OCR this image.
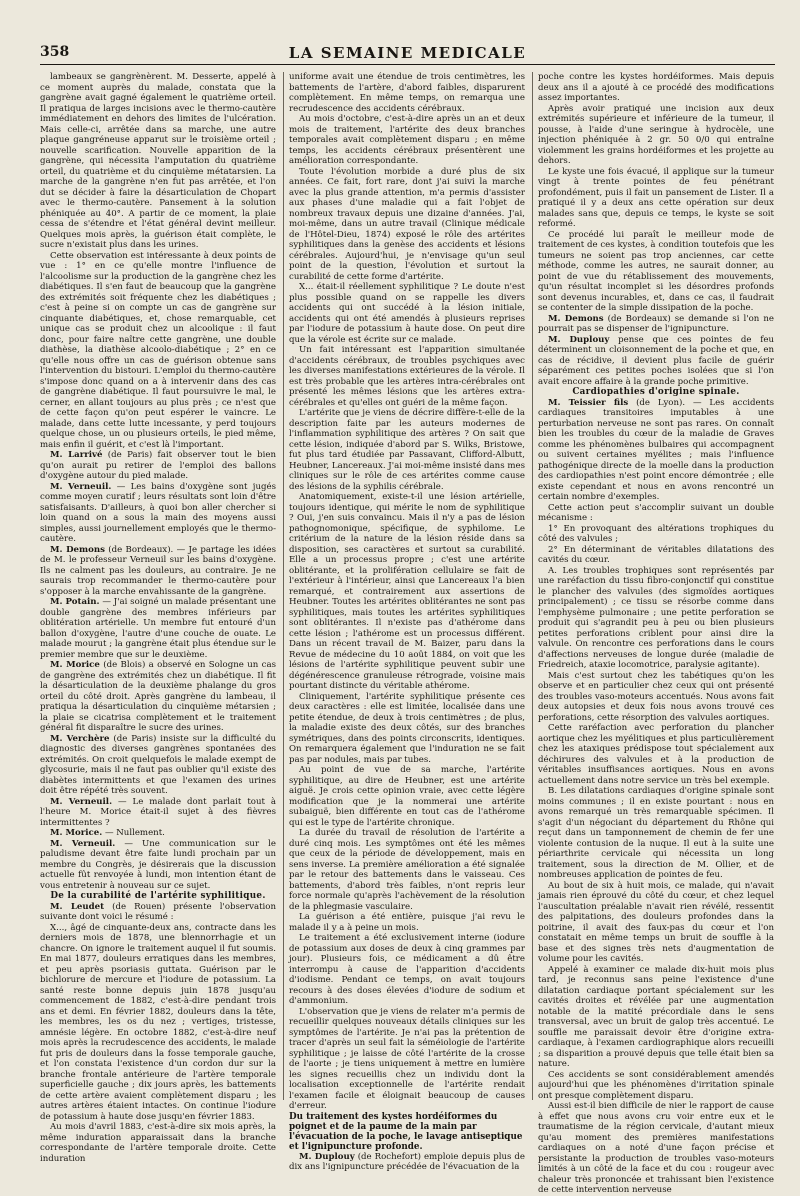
358	LA SEMAINE MEDICALE

lambeaux se gangrènèrent. M. Desserte, appelé à ce moment auprès du malade, constata que la gangrène avait gagné également le quatrième orteil. Il pratiqua de larges incisions avec le thermo-cautère immédiatement en dehors des limites de l'ulcération. Mais celle-ci, arrêtée dans sa marche, une autre plaque gangréneuse apparut sur le troisième orteil ; nouvelle scarification. Nouvelle apparition de la gangrène, qui nécessita l'amputation du quatrième orteil, du quatrième et du cinquième métatarsien. La marche de la gangrène n'en fut pas arrêtée, et l'on dut se décider à faire la désarticulation de Chopart avec le thermo-cautère. Pansement à la solution phéniquée au 40°. A partir de ce moment, la plaie cessa de s'étendre et l'état général devint meilleur. Quelques mois après, la guérison était complète, le sucre n'existait plus dans les urines.

Cette observation est intéressante à deux points de vue : 1° en ce qu'elle montre l'influence de l'alcoolisme sur la production de la gangrène chez les diabétiques. Il s'en faut de beaucoup que la gangrène des extrémités soit fréquente chez les diabétiques ; c'est à peine si on compte un cas de gangrène sur cinquante diabétiques, et, chose remarquable, cet unique cas se produit chez un alcoolique : il faut donc, pour faire naître cette gangrène, une double diathèse, la diathèse alcoolo-diabétique ; 2° en ce qu'elle nous offre un cas de guérison obtenue sans l'intervention du bistouri. L'emploi du thermo-cautère s'impose donc quand on a à intervenir dans des cas de gangrène diabétique. Il faut poursuivre le mal, le cerner, en allant toujours au plus près ; ce n'est que de cette façon qu'on peut espérer le vaincre. Le malade, dans cette lutte incessante, y perd toujours quelque chose, un ou plusieurs orteils, le pied même, mais enfin il guérit, et c'est là l'important.

M. Larrivé (de Paris) fait observer tout le bien qu'on aurait pu retirer de l'emploi des ballons d'oxygène autour du pied malade.

M. Verneuil. — Les bains d'oxygène sont jugés comme moyen curatif ; leurs résultats sont loin d'être satisfaisants. D'ailleurs, à quoi bon aller chercher si loin quand on a sous la main des moyens aussi simples, aussi journellement employés que le thermo-cautère.

M. Demons (de Bordeaux). — Je partage les idées de M. le professeur Verneuil sur les bains d'oxygène. Ils ne calment pas les douleurs, au contraire. Je ne saurais trop recommander le thermo-cautère pour s'opposer à la marche envahissante de la gangrène.

M. Potain. — J'ai soigné un malade présentant une double gangrène des membres inférieurs par oblitération artérielle. Un membre fut entouré d'un ballon d'oxygène, l'autre d'une couche de ouate. Le malade mourut ; la gangrène était plus étendue sur le premier membre que sur le deuxième.

M. Morice (de Blois) a observé en Sologne un cas de gangrène des extrémités chez un diabétique. Il fit la désarticulation de la deuxième phalange du gros orteil du côté droit. Après gangrène du lambeau, il pratiqua la désarticulation du cinquième métarsien ; la plaie se cicatrisa complètement et le traitement général fit disparaître le sucre des urines.

M. Verchère (de Paris) insiste sur la difficulté du diagnostic des diverses gangrènes spontanées des extrémités. On croit quelquefois le malade exempt de glycosurie, mais il ne faut pas oublier qu'il existe des diabètes intermittents et que l'examen des urines doit être répété très souvent.

M. Verneuil. — Le malade dont parlait tout à l'heure M. Morice était-il sujet à des fièvres intermittentes ?

M. Morice. — Nullement.

M. Verneuil. — Une communication sur le paludisme devant être faite lundi prochain par un membre du Congrès, je désirerais que la discussion actuelle fût renvoyée à lundi, mon intention étant de vous entretenir à nouveau sur ce sujet.

De la curabilité de l'artérite syphilitique.

M. Leudet (de Rouen) présente l'observation suivante dont voici le résumé :

X..., âgé de cinquante-deux ans, contracte dans les derniers mois de 1878, une blennorrhagie et un chancre. On ignore le traitement auquel il fut soumis. En mai 1877, douleurs erratiques dans les membres, et peu après psoriasis guttata. Guérison par le bichlorure de mercure et l'iodure de potassium. La santé reste bonne depuis juin 1878 jusqu'au commencement de 1882, c'est-à-dire pendant trois ans et demi. En février 1882, douleurs dans la tête, les membres, les os du nez ; vertiges, tristesse, amnésie légère. En octobre 1882, c'est-à-dire neuf mois après la recrudescence des accidents, le malade fut pris de douleurs dans la fosse temporale gauche, et l'on constata l'existence d'un cordon dur sur la branche frontale antérieure de l'artère temporale superficielle gauche ; dix jours après, les battements de cette artère avaient complètement disparu ; les autres artères étaient intactes. On continue l'iodure de potassium à haute dose jusqu'en février 1883.

Au mois d'avril 1883, c'est-à-dire six mois après, la même induration apparaissait dans la branche correspondante de l'artère temporale droite. Cette induration

uniforme avait une étendue de trois centimètres, les battements de l'artère, d'abord faibles, disparurent complètement. En même temps, on remarqua une recrudescence des accidents cérébraux.

Au mois d'octobre, c'est-à-dire après un an et deux mois de traitement, l'artérite des deux branches temporales avait complètement disparu ; en même temps, les accidents cérébraux présentèrent une amélioration correspondante.

Toute l'évolution morbide a duré plus de six années. Ce fait, fort rare, dont j'ai suivi la marche avec la plus grande attention, m'a permis d'assister aux phases d'une maladie qui a fait l'objet de nombreux travaux depuis une dizaine d'années. J'ai, moi-même, dans un autre travail (Clinique médicale de l'Hôtel-Dieu, 1874) exposé le rôle des artérites syphilitiques dans la genèse des accidents et lésions cérébrales. Aujourd'hui, je n'envisage qu'un seul point de la question, l'évolution et surtout la curabilité de cette forme d'artérite.

X... était-il réellement syphilitique ? Le doute n'est plus possible quand on se rappelle les divers accidents qui ont succédé à la lésion initiale, accidents qui ont été amendés à plusieurs reprises par l'iodure de potassium à haute dose. On peut dire que la vérole est écrite sur ce malade.

Un fait intéressant est l'apparition simultanée d'accidents cérébraux, de troubles psychiques avec les diverses manifestations extérieures de la vérole. Il est très probable que les artères intra-cérébrales ont présenté les mêmes lésions que les artères extra-cérébrales et qu'elles ont guéri de la même façon.

L'artérite que je viens de décrire diffère-t-elle de la description faite par les auteurs modernes de l'inflammation syphilitique des artères ? On sait que cette lésion, indiquée d'abord par S. Wilks, Bristowe, fut plus tard étudiée par Passavant, Clifford-Albutt, Heubner, Lancereaux. J'ai moi-même insisté dans mes cliniques sur le rôle de ces artérites comme cause des lésions de la syphilis cérébrale.

Anatomiquement, existe-t-il une lésion artérielle, toujours identique, qui mérite le nom de syphilitique ? Oui, j'en suis convaincu. Mais il n'y a pas de lésion pathognomonique, spécifique, de syphilome. Le critérium de la nature de la lésion réside dans sa disposition, ses caractères et surtout sa curabilité. Elle a un processus propre ; c'est une artérite oblitérante, et la prolifération cellulaire se fait de l'extérieur à l'intérieur, ainsi que Lancereaux l'a bien remarqué, et contrairement aux assertions de Heubner. Toutes les artérites oblitérantes ne sont pas syphilitiques, mais toutes les artérites syphilitiques sont oblitérantes. Il n'existe pas d'athérome dans cette lésion ; l'athérome est un processus différent. Dans un récent travail de M. Baizer, paru dans la Revue de médecine du 10 août 1884, on voit que les lésions de l'artérite syphilitique peuvent subir une dégénérescence granuleuse rétrograde, voisine mais pourtant distincte du véritable athérome.

Cliniquement, l'artérite syphilitique présente ces deux caractères : elle est limitée, localisée dans une petite étendue, de deux à trois centimètres ; de plus, la maladie existe des deux côtés, sur des branches symétriques, dans des points circonscrits, identiques. On remarquera également que l'induration ne se fait pas par nodules, mais par tubes.

Au point de vue de sa marche, l'artérite syphilitique, au dire de Heubner, est une artérite aiguë. Je crois cette opinion vraie, avec cette légère modification que je la nommerai une artérite subaiguë, bien différente en tout cas de l'athérome qui est le type de l'artérite chronique.

La durée du travail de résolution de l'artérite a duré cinq mois. Les symptômes ont été les mêmes que ceux de la période de développement, mais en sens inverse. La première amélioration a été signalée par le retour des battements dans le vaisseau. Ces battements, d'abord très faibles, n'ont repris leur force normale qu'après l'achèvement de la résolution de la phlegmasie vasculaire.

La guérison a été entière, puisque j'ai revu le malade il y a à peine un mois.

Le traitement a été exclusivement interne (iodure de potassium aux doses de deux à cinq grammes par jour). Plusieurs fois, ce médicament a dû être interrompu à cause de l'apparition d'accidents d'iodisme. Pendant ce temps, on avait toujours recours à des doses élevées d'iodure de sodium et d'ammonium.

L'observation que je viens de relater m'a permis de recueillir quelques nouveaux détails cliniques sur les symptômes de l'artérite. Je n'ai pas la prétention de tracer d'après un seul fait la séméiologie de l'artérite syphilitique ; je laisse de côté l'artérite de la crosse de l'aorte ; je tiens uniquement à mettre en lumière les signes recueillis chez un individu dont la localisation exceptionnelle de l'artérite rendait l'examen facile et éloignait beaucoup de causes d'erreur.

Du traitement des kystes hordéiformes du poignet et de la paume de la main par l'évacuation de la poche, le lavage antiseptique et l'ignipuncture profonde.

M. Duplouy (de Rochefort) emploie depuis plus de dix ans l'ignipuncture précédée de l'évacuation de la

poche contre les kystes hordéiformes. Mais depuis deux ans il a ajouté à ce procédé des modifications assez importantes.

Après avoir pratiqué une incision aux deux extrémités supérieure et inférieure de la tumeur, il pousse, à l'aide d'une seringue à hydrocèle, une injection phéniquée à 2 gr. 50 0/0 qui entraîne violemment les grains hordéiformes et les projette au dehors.

Le kyste une fois évacué, il applique sur la tumeur vingt à trente pointes de feu pénétrant profondément, puis il fait un pansement de Lister. Il a pratiqué il y a deux ans cette opération sur deux malades sans que, depuis ce temps, le kyste se soit reformé.

Ce procédé lui paraît le meilleur mode de traitement de ces kystes, à condition toutefois que les tumeurs ne soient pas trop anciennes, car cette méthode, comme les autres, ne saurait donner, au point de vue du rétablissement des mouvements, qu'un résultat incomplet si les désordres profonds sont devenus incurables, et, dans ce cas, il faudrait se contenter de la simple dissipation de la poche.

M. Demons (de Bordeaux) se demande si l'on ne pourrait pas se dispenser de l'ignipuncture.

M. Duplouy pense que ces pointes de feu déterminent un cloisonnement de la poche et que, en cas de récidive, il devient plus facile de guérir séparément ces petites poches isolées que si l'on avait encore affaire à la grande poche primitive.

Cardiopathies d'origine spinale.

M. Teissier fils (de Lyon). — Les accidents cardiaques transitoires imputables à une perturbation nerveuse ne sont pas rares. On connaît bien les troubles du cœur de la maladie de Graves comme les phénomènes bulbaires qui accompagnent ou suivent certaines myélites ; mais l'influence pathogénique directe de la moelle dans la production des cardiopathies n'est point encore démontrée ; elle existe cependant et nous en avons rencontré un certain nombre d'exemples.

Cette action peut s'accomplir suivant un double mécanisme :

1° En provoquant des altérations trophiques du côté des valvules ;

2° En déterminant de véritables dilatations des cavités du cœur.

A. Les troubles trophiques sont représentés par une raréfaction du tissu fibro-conjonctif qui constitue le plancher des valvules (des sigmoïdes aortiques principalement) ; ce tissu se résorbe comme dans l'emphysème pulmonaire ; une petite perforation se produit qui s'agrandit peu à peu ou bien plusieurs petites perforations criblent pour ainsi dire la valvule. On rencontre ces perforations dans le cours d'affections nerveuses de longue durée (maladie de Friedreich, ataxie locomotrice, paralysie agitante).

Mais c'est surtout chez les tabétiques qu'on les observe et en particulier chez ceux qui ont présenté des troubles vaso-moteurs accentués. Nous avons fait deux autopsies et deux fois nous avons trouvé ces perforations, cette résorption des valvules aortiques.

Cette raréfaction avec perforation du plancher aortique chez les myélitiques et plus particulièrement chez les ataxiques prédispose tout spécialement aux déchirures des valvules et à la production de véritables insuffisances aortiques. Nous en avons actuellement dans notre service un très bel exemple.

B. Les dilatations cardiaques d'origine spinale sont moins communes ; il en existe pourtant : nous en avons remarqué un très remarquable spécimen. Il s'agit d'un négociant du département du Rhône qui reçut dans un tamponnement de chemin de fer une violente contusion de la nuque. Il eut à la suite une périarthrite cervicale qui nécessita un long traitement, sous la direction de M. Ollier, et de nombreuses application de pointes de feu.

Au bout de six à huit mois, ce malade, qui n'avait jamais rien éprouvé du côté du cœur, et chez lequel l'auscultation préalable n'avait rien révélé, ressentit des palpitations, des douleurs profondes dans la poitrine, il avait des faux-pas du cœur et l'on constatait en même temps un bruit de souffle à la base et des signes très nets d'augmentation de volume pour les cavités.

Appelé à examiner ce malade dix-huit mois plus tard, je reconnus sans peine l'existence d'une dilatation cardiaque portant spécialement sur les cavités droites et révélée par une augmentation notable de la matité précordiale dans le sens transversal, avec un bruit de galop très accentué. Le souffle me paraissait devoir être d'origine extra-cardiaque, à l'examen cardiographique alors recueilli ; sa disparition a prouvé depuis que telle était bien sa nature.

Ces accidents se sont considérablement amendés aujourd'hui que les phénomènes d'irritation spinale ont presque complètement disparu.

Aussi est-il bien difficile de nier le rapport de cause à effet que nous avons cru voir entre eux et le traumatisme de la région cervicale, d'autant mieux qu'au moment des premières manifestations cardiaques on a noté d'une façon précise et persistante la production de troubles vaso-moteurs limités à un côté de la face et du cou : rougeur avec chaleur très prononcée et trahissant bien l'existence de cette intervention nerveuse
